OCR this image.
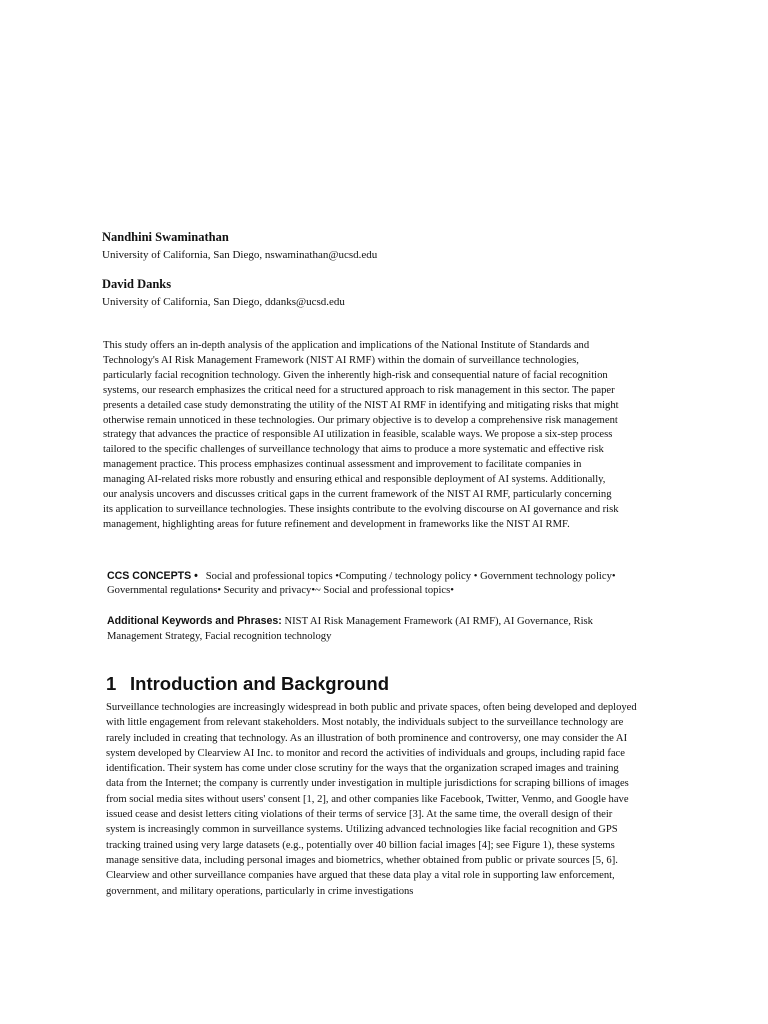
Nandhini Swaminathan
University of California, San Diego, nswaminathan@ucsd.edu
David Danks
University of California, San Diego, ddanks@ucsd.edu
This study offers an in-depth analysis of the application and implications of the National Institute of Standards and
Technology's AI Risk Management Framework (NIST AI RMF) within the domain of surveillance technologies,
particularly facial recognition technology. Given the inherently high-risk and consequential nature of facial recognition
systems, our research emphasizes the critical need for a structured approach to risk management in this sector. The paper
presents a detailed case study demonstrating the utility of the NIST AI RMF in identifying and mitigating risks that might
otherwise remain unnoticed in these technologies. Our primary objective is to develop a comprehensive risk management
strategy that advances the practice of responsible AI utilization in feasible, scalable ways. We propose a six-step process
tailored to the specific challenges of surveillance technology that aims to produce a more systematic and effective risk
management practice. This process emphasizes continual assessment and improvement to facilitate companies in
managing AI-related risks more robustly and ensuring ethical and responsible deployment of AI systems. Additionally,
our analysis uncovers and discusses critical gaps in the current framework of the NIST AI RMF, particularly concerning
its application to surveillance technologies. These insights contribute to the evolving discourse on AI governance and risk
management, highlighting areas for future refinement and development in frameworks like the NIST AI RMF.
CCS CONCEPTS • Social and professional topics •Computing / technology policy • Government technology policy•
Governmental regulations• Security and privacy•~ Social and professional topics•
Additional Keywords and Phrases: NIST AI Risk Management Framework (AI RMF), AI Governance, Risk
Management Strategy, Facial recognition technology
1 Introduction and Background
Surveillance technologies are increasingly widespread in both public and private spaces, often being developed and deployed
with little engagement from relevant stakeholders. Most notably, the individuals subject to the surveillance technology are
rarely included in creating that technology. As an illustration of both prominence and controversy, one may consider the AI
system developed by Clearview AI Inc. to monitor and record the activities of individuals and groups, including rapid face
identification. Their system has come under close scrutiny for the ways that the organization scraped images and training
data from the Internet; the company is currently under investigation in multiple jurisdictions for scraping billions of images
from social media sites without users' consent [1, 2], and other companies like Facebook, Twitter, Venmo, and Google have
issued cease and desist letters citing violations of their terms of service [3]. At the same time, the overall design of their
system is increasingly common in surveillance systems. Utilizing advanced technologies like facial recognition and GPS
tracking trained using very large datasets (e.g., potentially over 40 billion facial images [4]; see Figure 1), these systems
manage sensitive data, including personal images and biometrics, whether obtained from public or private sources [5, 6].
Clearview and other surveillance companies have argued that these data play a vital role in supporting law enforcement,
government, and military operations, particularly in crime investigations
